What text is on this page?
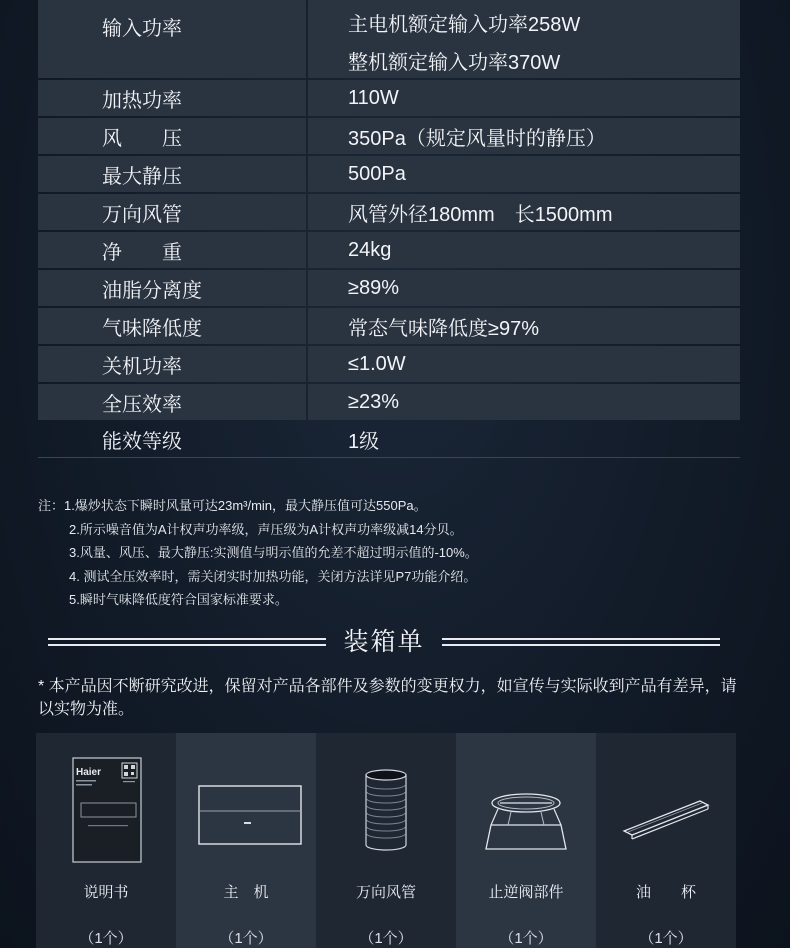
输入功率	主电机额定输入功率258W
整机额定输入功率370W
加热功率	110W
风　　压	350Pa（规定风量时的静压）
最大静压	500Pa
万向风管	风管外径180mm　长1500mm
净　　重	24kg
油脂分离度	≥89%
气味降低度	常态气味降低度≥97%
关机功率	≤1.0W
全压效率	≥23%
能效等级	1级
注：1.爆炒状态下瞬时风量可达23m³/min，最大静压值可达550Pa。
2.所示噪音值为A计权声功率级，声压级为A计权声功率级减14分贝。
3.风量、风压、最大静压:实测值与明示值的允差不超过明示值的-10%。
4. 测试全压效率时，需关闭实时加热功能，关闭方法详见P7功能介绍。
5.瞬时气味降低度符合国家标准要求。
装箱单
* 本产品因不断研究改进，保留对产品各部件及参数的变更权力，如宣传与实际收到产品有差异，请以实物为准。
Haier
说明书
（1个）
主　机
（1个）
万向风管
（1个）
止逆阀部件
（1个）
油　　杯
（1个）
